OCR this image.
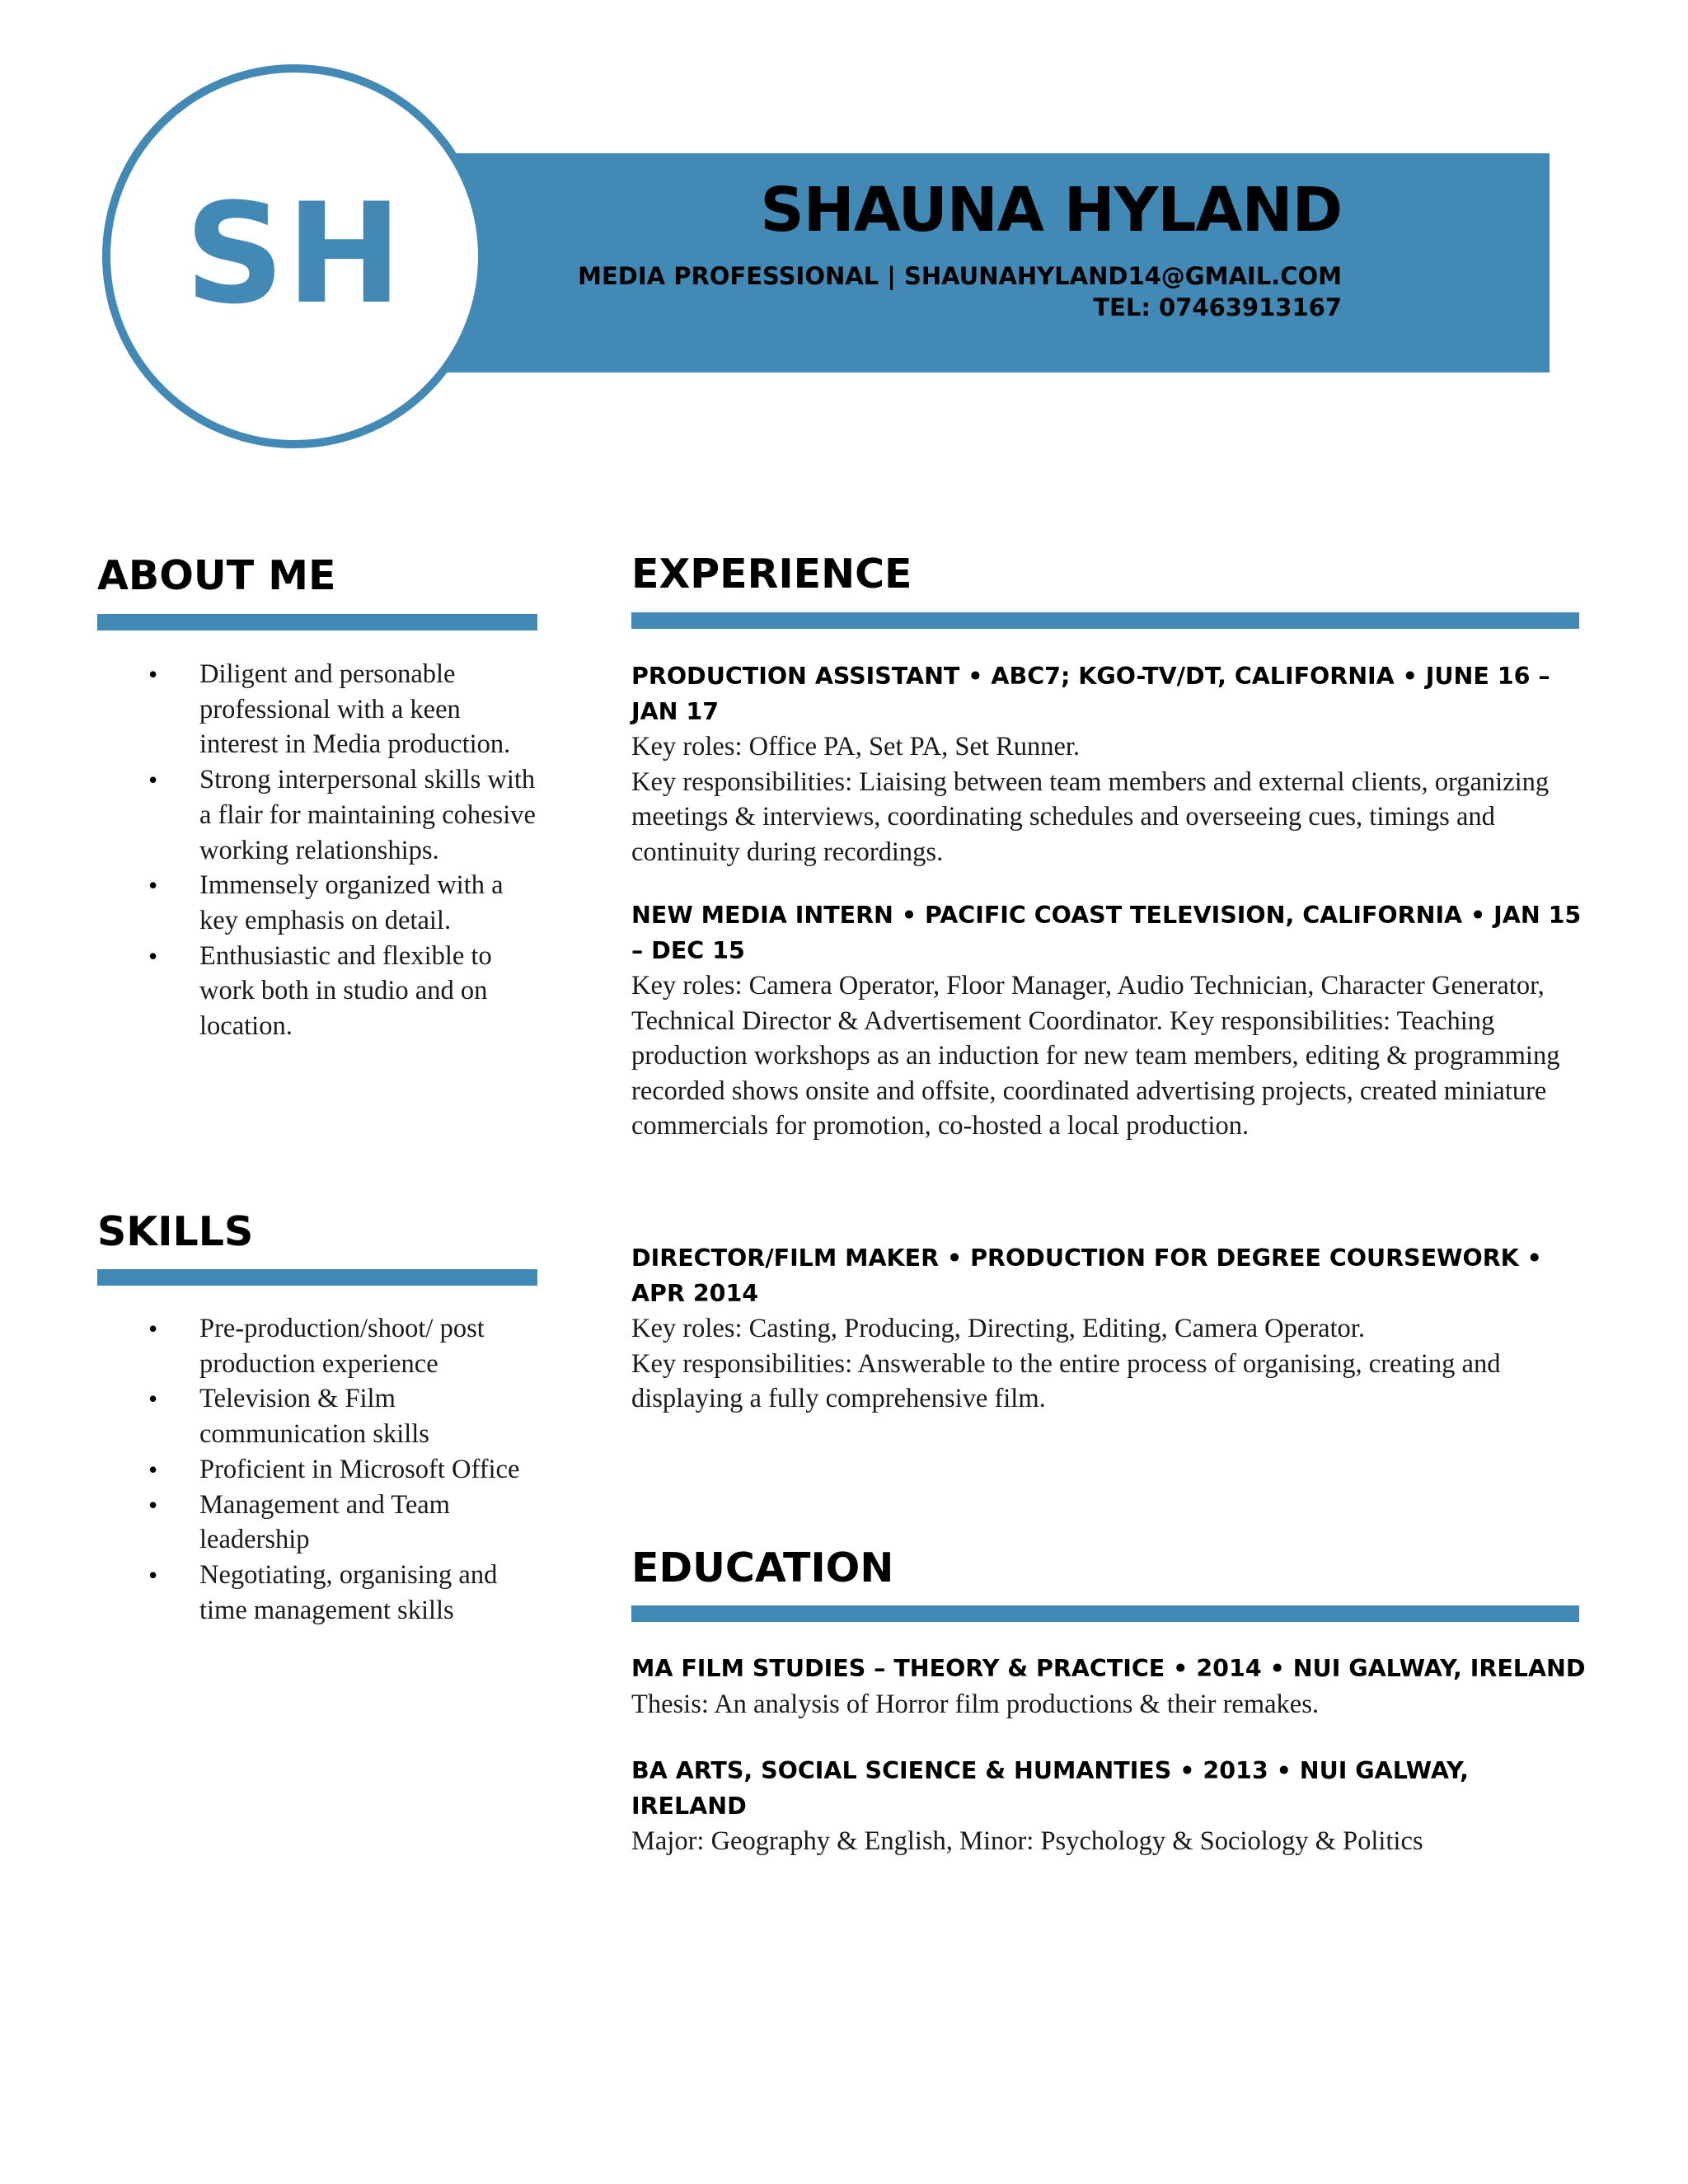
SH	SHAUNA HYLAND
MEDIA PROFESSIONAL | SHAUNAHYLAND14@GMAIL.COM
TEL: 07463913167
ABOUT ME
• Diligent and personable professional with a keen interest in Media production.
• Strong interpersonal skills with a flair for maintaining cohesive working relationships.
• Immensely organized with a key emphasis on detail.
• Enthusiastic and flexible to work both in studio and on location.
SKILLS
• Pre-production/shoot/ post production experience
• Television & Film communication skills
• Proficient in Microsoft Office
• Management and Team leadership
• Negotiating, organising and time management skills
EXPERIENCE
PRODUCTION ASSISTANT • ABC7; KGO-TV/DT, CALIFORNIA • JUNE 16 – JAN 17
Key roles: Office PA, Set PA, Set Runner.
Key responsibilities: Liaising between team members and external clients, organizing meetings & interviews, coordinating schedules and overseeing cues, timings and continuity during recordings.
NEW MEDIA INTERN • PACIFIC COAST TELEVISION, CALIFORNIA • JAN 15 – DEC 15
Key roles: Camera Operator, Floor Manager, Audio Technician, Character Generator, Technical Director & Advertisement Coordinator. Key responsibilities: Teaching production workshops as an induction for new team members, editing & programming recorded shows onsite and offsite, coordinated advertising projects, created miniature commercials for promotion, co-hosted a local production.
DIRECTOR/FILM MAKER • PRODUCTION FOR DEGREE COURSEWORK • APR 2014
Key roles: Casting, Producing, Directing, Editing, Camera Operator.
Key responsibilities: Answerable to the entire process of organising, creating and displaying a fully comprehensive film.
EDUCATION
MA FILM STUDIES – THEORY & PRACTICE • 2014 • NUI GALWAY, IRELAND
Thesis: An analysis of Horror film productions & their remakes.
BA ARTS, SOCIAL SCIENCE & HUMANTIES • 2013 • NUI GALWAY, IRELAND
Major: Geography & English, Minor: Psychology & Sociology & Politics
